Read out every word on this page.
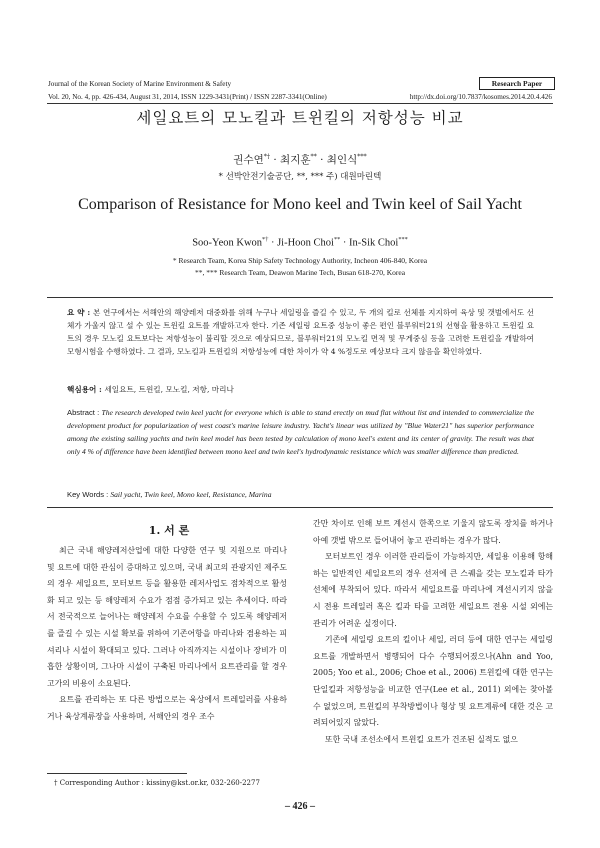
Journal of the Korean Society of Marine Environment & Safety	Research Paper
Vol. 20, No. 4, pp. 426-434, August 31, 2014, ISSN 1229-3431(Print) / ISSN 2287-3341(Online)	http://dx.doi.org/10.7837/kosomes.2014.20.4.426
세일요트의 모노킬과 트윈킬의 저항성능 비교
권수연*† · 최지훈** · 최인식***
* 선박안전기술공단, **, *** 주) 대원마린텍
Comparison of Resistance for Mono keel and Twin keel of Sail Yacht
Soo-Yeon Kwon*† · Ji-Hoon Choi** · In-Sik Choi***
* Research Team, Korea Ship Safety Technology Authority, Incheon 406-840, Korea
**, *** Research Team, Deawon Marine Tech, Busan 618-270, Korea
요 약 : 본 연구에서는 서해안의 해양레저 대중화를 위해 누구나 세일링을 즐길 수 있고, 두 개의 킬로 선체를 지지하여 육상 및 갯벌에서도 선체가 가울지 않고 설 수 있는 트윈킬 요트를 개발하고자 한다. 기존 세일링 요트중 성능이 좋은 편인 블루워터21의 선형을 활용하고 트윈킬 요트의 경우 모노킬 요트보다는 저항성능이 불리할 것으로 예상되므로, 블루워터21의 모노킬 면적 및 무게중심 등을 고려한 트윈킬을 개발하여 모형시험을 수행하였다. 그 결과, 모노킬과 트윈킬의 저항성능에 대한 차이가 약 4 %정도로 예상보다 크지 않음을 확인하였다.
핵심용어 : 세일요트, 트윈킬, 모노킬, 저항, 마리나
Abstract : The research developed twin keel yacht for everyone which is able to stand erectly on mud flat without list and intended to commercialize the development product for popularization of west coast's marine leisure industry. Yacht's linear was utilized by "Blue Water21" has superior performance among the existing sailing yachts and twin keel model has been tested by calculation of mono keel's extent and its center of gravity. The result was that only 4 % of difference have been identified between mono keel and twin keel's hydrodynamic resistance which was smaller difference than predicted.
Key Words : Sail yacht, Twin keel, Mono keel, Resistance, Marina
1. 서 론

최근 국내 해양레저산업에 대한 다양한 연구 및 지원으로 마리나 및 요트에 대한 관심이 증대하고 있으며, 국내 최고의 관광지인 제주도의 경우 세일요트, 모터보트 등을 활용한 레저사업도 점차적으로 활성화 되고 있는 등 해양레저 수요가 점점 증가되고 있는 추세이다. 따라서 전국적으로 늘어나는 해양레저 수요를 수용할 수 있도록 해양레저를 즐길 수 있는 시설 확보를 위하여 기존어항을 마리나와 겸용하는 피셔리나 시설이 확대되고 있다. 그러나 아직까지는 시설이나 장비가 미흡한 상황이며, 그나마 시설이 구축된 마리나에서 요트관리를 할 경우 고가의 비용이 소요된다.

요트를 관리하는 또 다른 방법으로는 육상에서 트레일러를 사용하거나 육상계류장을 사용하며, 서해안의 경우 조수

간만 차이로 인해 보트 계선시 한쪽으로 기울지 않도록 장치를 하거나 아예 갯벌 밖으로 들어내어 놓고 관리하는 경우가 많다.

모터보트인 경우 이러한 관리들이 가능하지만, 세일용 이용해 항해하는 일반적인 세일요트의 경우 선저에 큰 스퀘을 갖는 모노킬과 타가 선체에 부착되어 있다. 따라서 세일요트를 마리나에 계선시키지 않을시 전용 트레일러 혹은 킬과 타를 고려한 세일요트 전용 시설 외에는 관리가 어려운 실정이다.

기존에 세일링 요트의 킬이나 세일, 러더 등에 대한 연구는 세일링 요트를 개발하면서 병행되어 다수 수행되어졌으나(Ahn and Yoo, 2005; Yoo et al., 2006; Choe et al., 2006) 트윈킬에 대한 연구는 단일킬과 저항성능을 비교한 연구(Lee et al., 2011) 외에는 찾아볼 수 없었으며, 트윈킬의 부착방법이나 형상 및 요트계류에 대한 것은 고려되어있지 않았다.

또한 국내 조선소에서 트윈킬 요트가 건조된 실적도 없으

† Corresponding Author : kissiny@kst.or.kr, 032-260-2277
– 426 –
